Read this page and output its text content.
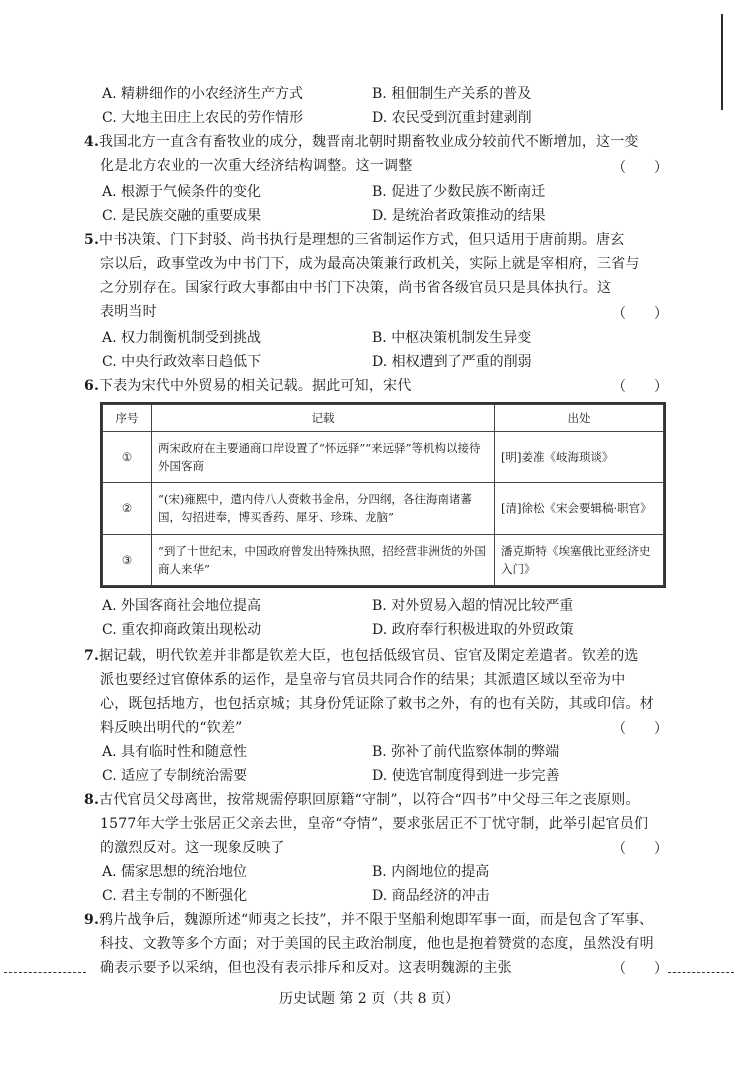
A. 精耕细作的小农经济生产方式	B. 租佃制生产关系的普及
C. 大地主田庄上农民的劳作情形	D. 农民受到沉重封建剥削
4.我国北方一直含有畜牧业的成分，魏晋南北朝时期畜牧业成分较前代不断增加，这一变
化是北方农业的一次重大经济结构调整。这一调整	（　　）
A. 根源于气候条件的变化	B. 促进了少数民族不断南迁
C. 是民族交融的重要成果	D. 是统治者政策推动的结果
5.中书决策、门下封驳、尚书执行是理想的三省制运作方式，但只适用于唐前期。唐玄
宗以后，政事堂改为中书门下，成为最高决策兼行政机关，实际上就是宰相府，三省与
之分别存在。国家行政大事都由中书门下决策，尚书省各级官员只是具体执行。这
表明当时	（　　）
A. 权力制衡机制受到挑战	B. 中枢决策机制发生异变
C. 中央行政效率日趋低下	D. 相权遭到了严重的削弱
6.下表为宋代中外贸易的相关记载。据此可知，宋代	（　　）
序号	记载	出处
①	两宋政府在主要通商口岸设置了“怀远驿”“来远驿”等机构以接待外国客商	[明]姜准《岐海琐谈》
②	“(宋)雍熙中，遣内侍八人赍敕书金帛，分四纲，各往海南诸蕃国，勾招进奉，博买香药、犀牙、珍珠、龙脑”	[清]徐松《宋会要辑稿·职官》
③	“到了十世纪末，中国政府曾发出特殊执照，招经营非洲货的外国商人来华”	潘克斯特《埃塞俄比亚经济史入门》
A. 外国客商社会地位提高	B. 对外贸易入超的情况比较严重
C. 重农抑商政策出现松动	D. 政府奉行积极进取的外贸政策
7.据记载，明代钦差并非都是钦差大臣，也包括低级官员、宦官及閑定差遣者。钦差的选
派也要经过官僚体系的运作，是皇帝与官员共同合作的结果；其派遣区域以至帝为中
心，既包括地方，也包括京城；其身份凭证除了敕书之外，有的也有关防，其或印信。材
料反映出明代的“钦差”	（　　）
A. 具有临时性和随意性	B. 弥补了前代监察体制的弊端
C. 适应了专制统治需要	D. 使选官制度得到进一步完善
8.古代官员父母离世，按常规需停职回原籍“守制”，以符合“四书”中父母三年之丧原则。
1577年大学士张居正父亲去世，皇帝“夺情”，要求张居正不丁忧守制，此举引起官员们
的激烈反对。这一现象反映了	（　　）
A. 儒家思想的统治地位	B. 内阁地位的提高
C. 君主专制的不断强化	D. 商品经济的冲击
9.鸦片战争后，魏源所述“师夷之长技”，并不限于坚船利炮即军事一面，而是包含了军事、
科技、文教等多个方面；对于美国的民主政治制度，他也是抱着赞赏的态度，虽然没有明
确表示要予以采纳，但也没有表示排斥和反对。这表明魏源的主张	（　　）
历史试题 第 2 页（共 8 页）
